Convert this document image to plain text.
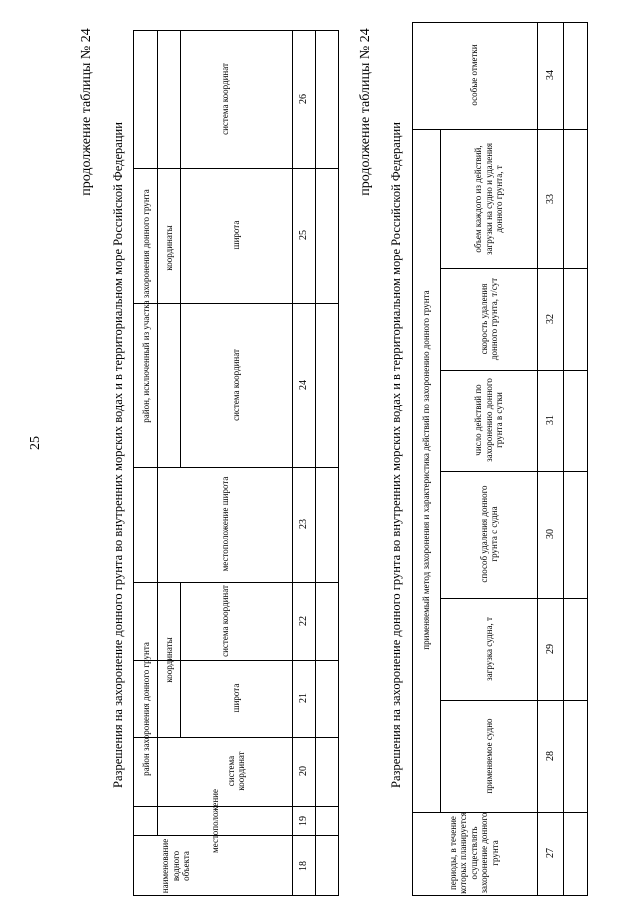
25
продолжение таблицы № 24
Разрешения на захоронение донного грунта во внутренних морских водах и в территориальном море Российской Федерации
наименование водного объекта
местоположение
район захоронения донного грунта координаты
система координат
широта
местоположение широта
система координат
район, исключенный из участка захоронения донного грунта координаты
система координат
широта
система координат
18
19
20
21
22
23
24
25
26	продолжение таблицы № 24
Разрешения на захоронение донного грунта во внутренних морских водах и в территориальном море Российской Федерации
периоды, в течение которых планируется осуществлять захоронение донного грунта
применяемый метод захоронения и характеристика действий по захоронению донного грунта
применяемое судно
загрузка судна, т
способ удаления донного грунта с судна
число действий по захоронению донного грунта в сутки
скорость удаления донного грунта, т/сут
объем каждого из действий, загрузки на судно и удаления донного грунта, т
особые отметки
27
28
29
30
31
32
33
34
